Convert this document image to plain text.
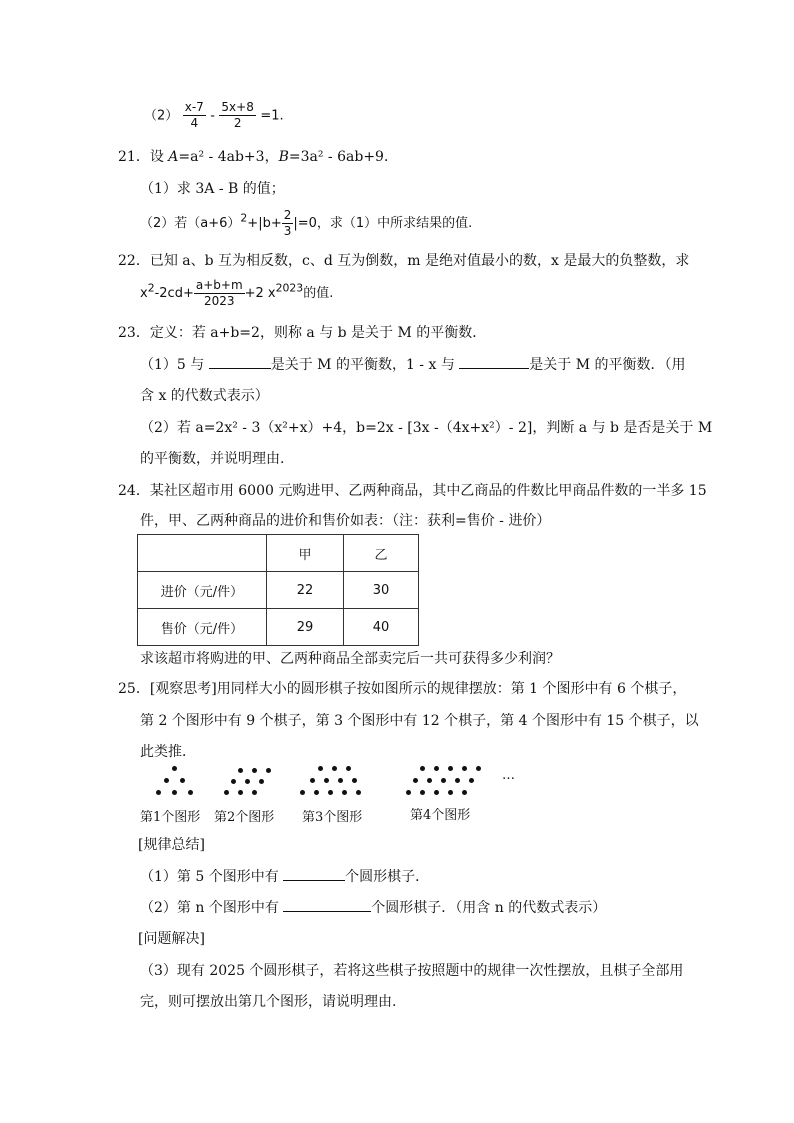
$(2) \frac{x-7}{4} - \frac{5x+8}{2} =1$.
21．设 A=a² - 4ab+3，B=3a² - 6ab+9．
（1）求 3A - B 的值；
（2）若$(a+6)^2+|b+ \frac{2}{3} |=0$，求（1）中所求结果的值.
22．已知 a、b 互为相反数，c、d 互为倒数，m 是绝对值最小的数，x 是最大的负整数，求
$x^2-2cd+ \frac{a+b+m}{2023} +2$ $x^{2023}$的值.
23．定义：若 a+b=2，则称 a 与 b 是关于 M 的平衡数．
（1）5 与	是关于 M 的平衡数，1 - x 与	是关于 M 的平衡数．（用
含 x 的代数式表示）
（2）若 a=2x² - 3（x²+x）+4，b=2x - [3x -（4x+x²）- 2]，判断 a 与 b 是否是关于 M
的平衡数，并说明理由.
24．某社区超市用 6000 元购进甲、乙两种商品，其中乙商品的件数比甲商品件数的一半多 15
件，甲、乙两种商品的进价和售价如表：（注：获利=售价 - 进价）
	甲	乙
进价（元/件）	22	30
售价（元/件）	29	40
求该超市将购进的甲、乙两种商品全部卖完后一共可获得多少利润？
25．[观察思考]用同样大小的圆形棋子按如图所示的规律摆放：第 1 个图形中有 6 个棋子，
第 2 个图形中有 9 个棋子，第 3 个图形中有 12 个棋子，第 4 个图形中有 15 个棋子，以
此类推．
…
第1个图形 第2个图形 第3个图形	第4个图形
[规律总结]
（1）第 5 个图形中有	个圆形棋子．
（2）第 n 个图形中有	个圆形棋子．（用含 n 的代数式表示）
[问题解决]
（3）现有 2025 个圆形棋子，若将这些棋子按照题中的规律一次性摆放，且棋子全部用
完，则可摆放出第几个图形，请说明理由.
